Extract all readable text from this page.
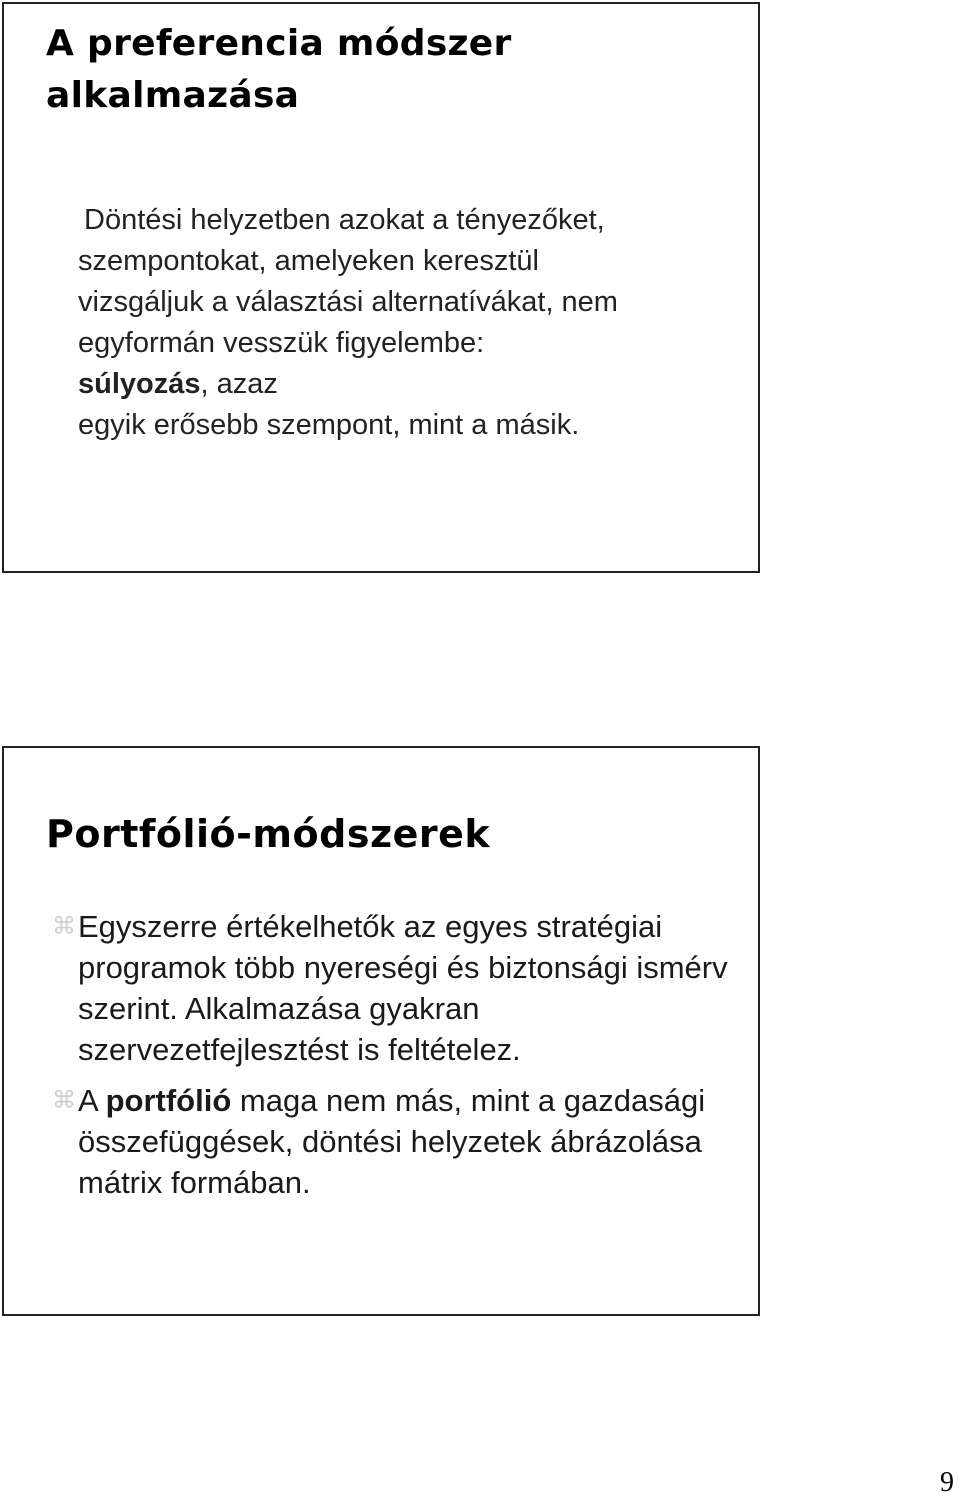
A preferencia módszer
alkalmazása
Döntési helyzetben azokat a tényezőket,
szempontokat, amelyeken keresztül
vizsgáljuk a választási alternatívákat, nem
egyformán vesszük figyelembe:
súlyozás, azaz
egyik erősebb szempont, mint a másik.
Portfólió-módszerek
⌘ Egyszerre értékelhetők az egyes stratégiai programok több nyereségi és biztonsági ismérv szerint. Alkalmazása gyakran szervezetfejlesztést is feltételez.
⌘ A portfólió maga nem más, mint a gazdasági összefüggések, döntési helyzetek ábrázolása mátrix formában.
9
